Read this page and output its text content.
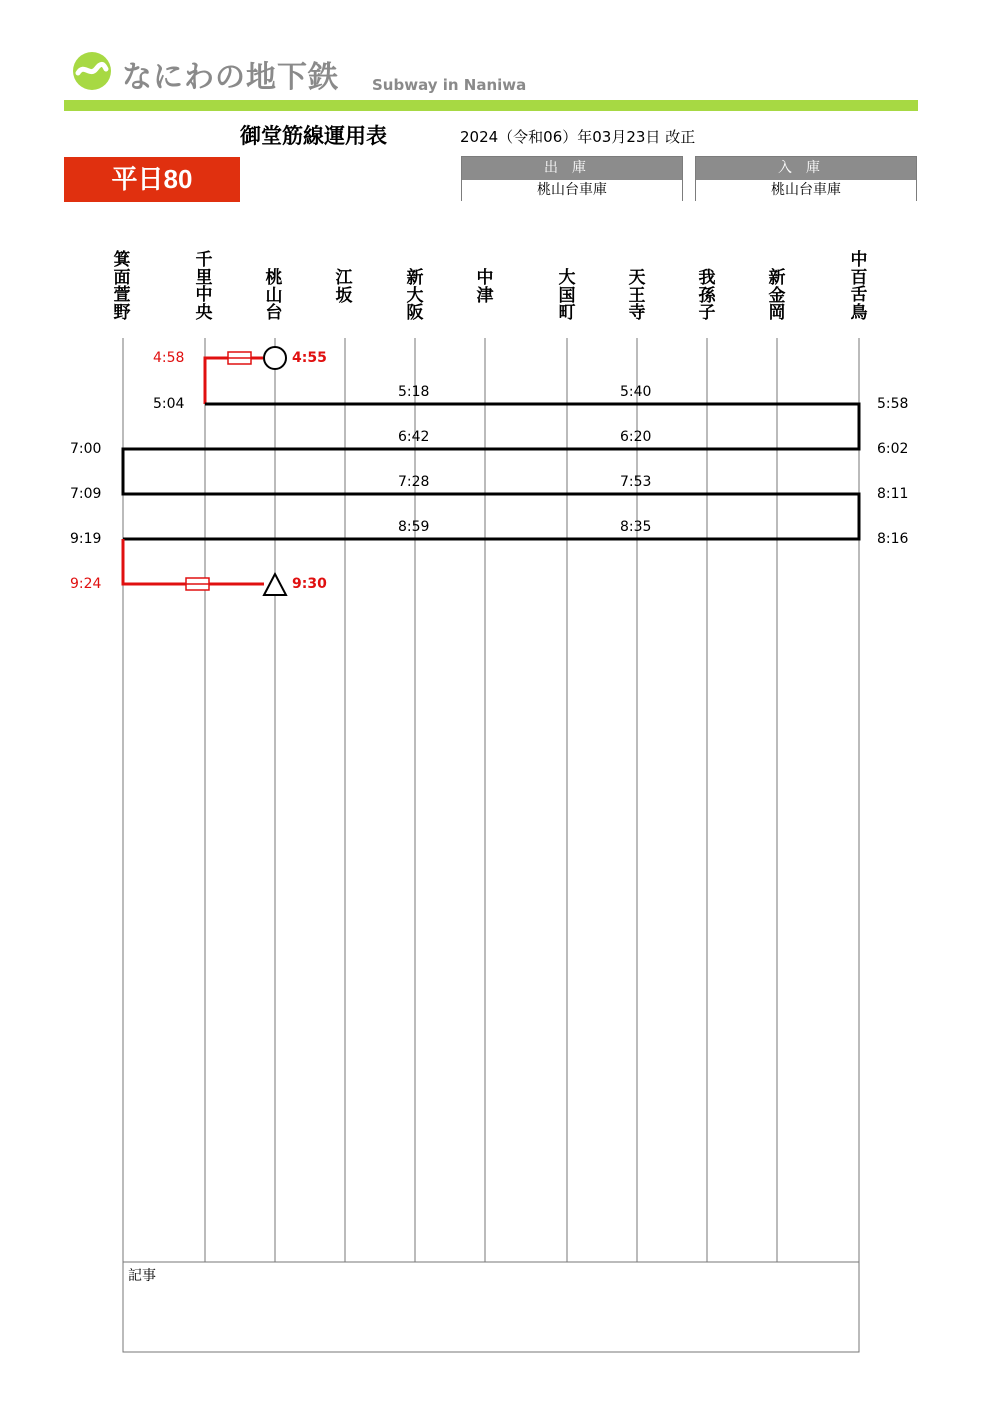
なにわの地下鉄 Subway in Naniwa
御堂筋線運用表	2024（令和06）年03月23日 改正
平日80	出庫
桃山台車庫
入庫
桃山台車庫
箕面萱野
千里中央
桃山台
江　坂
新大阪
中　津
大国町
天王寺
我孫子
新金岡
中百舌鳥
4:58	4:55
5:04
5:18	5:40
5:58
6:42	6:20
6:02
7:00
7:09
7:28	7:53
8:11
8:16
8:35
8:59
9:19
9:24	9:30
記事
